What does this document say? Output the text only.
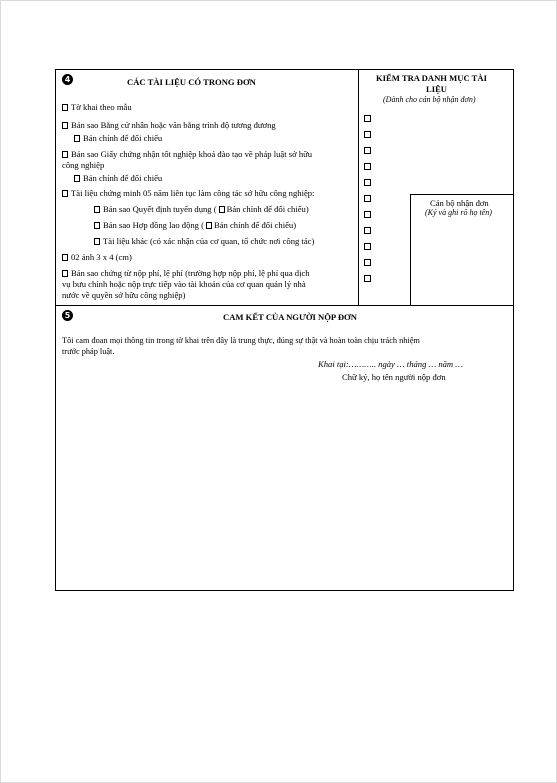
4	CÁC TÀI LIỆU CÓ TRONG ĐƠN
Tờ khai theo mẫu
Bản sao Bằng cử nhân hoặc văn bằng trình độ tương đương
Bản chính để đối chiếu
Bản sao Giấy chứng nhận tốt nghiệp khoá đào tạo về pháp luật sở hữu
công nghiệp
Bản chính để đối chiếu
Tài liệu chứng minh 05 năm liên tục làm công tác sở hữu công nghiệp:
Bản sao Quyết định tuyển dụng ( Bản chính để đối chiếu)
Bản sao Hợp đồng lao động ( Bản chính để đối chiếu)
Tài liệu khác (có xác nhận của cơ quan, tổ chức nơi công tác)
02 ảnh 3 x 4 (cm)
Bản sao chứng từ nộp phí, lệ phí (trường hợp nộp phí, lệ phí qua dịch
vụ bưu chính hoặc nộp trực tiếp vào tài khoản của cơ quan quản lý nhà
nước về quyền sở hữu công nghiệp)
KIỂM TRA DANH MỤC TÀI
LIỆU
(Dành cho cán bộ nhận đơn)
Cán bộ nhận đơn
(Ký và ghi rõ họ tên)
5	CAM KẾT CỦA NGƯỜI NỘP ĐƠN
Tôi cam đoan mọi thông tin trong tờ khai trên đây là trung thực, đúng sự thật và hoàn toàn chịu trách nhiệm
trước pháp luật.
Khai tại:……….. ngày … tháng … năm …
Chữ ký, họ tên người nộp đơn
